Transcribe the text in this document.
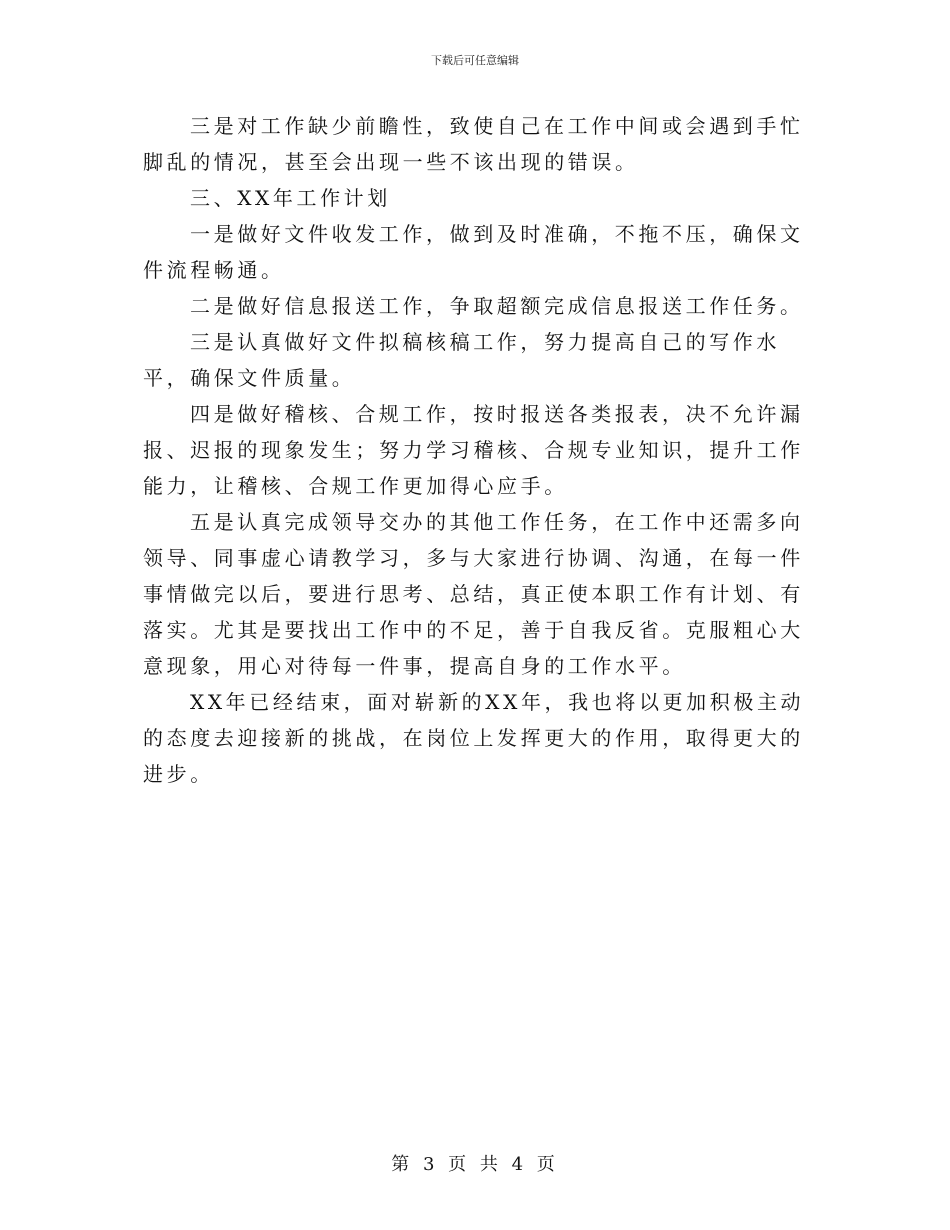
下载后可任意编辑

三是对工作缺少前瞻性，致使自己在工作中间或会遇到手忙脚乱的情况，甚至会出现一些不该出现的错误。

三、XX年工作计划

一是做好文件收发工作，做到及时准确，不拖不压，确保文件流程畅通。

二是做好信息报送工作，争取超额完成信息报送工作任务。

三是认真做好文件拟稿核稿工作，努力提高自己的写作水平，确保文件质量。

四是做好稽核、合规工作，按时报送各类报表，决不允许漏报、迟报的现象发生；努力学习稽核、合规专业知识，提升工作能力，让稽核、合规工作更加得心应手。

五是认真完成领导交办的其他工作任务，在工作中还需多向领导、同事虚心请教学习，多与大家进行协调、沟通，在每一件事情做完以后，要进行思考、总结，真正使本职工作有计划、有落实。尤其是要找出工作中的不足，善于自我反省。克服粗心大意现象，用心对待每一件事，提高自身的工作水平。

XX年已经结束，面对崭新的XX年，我也将以更加积极主动的态度去迎接新的挑战，在岗位上发挥更大的作用，取得更大的进步。

第 3 页 共 4 页
